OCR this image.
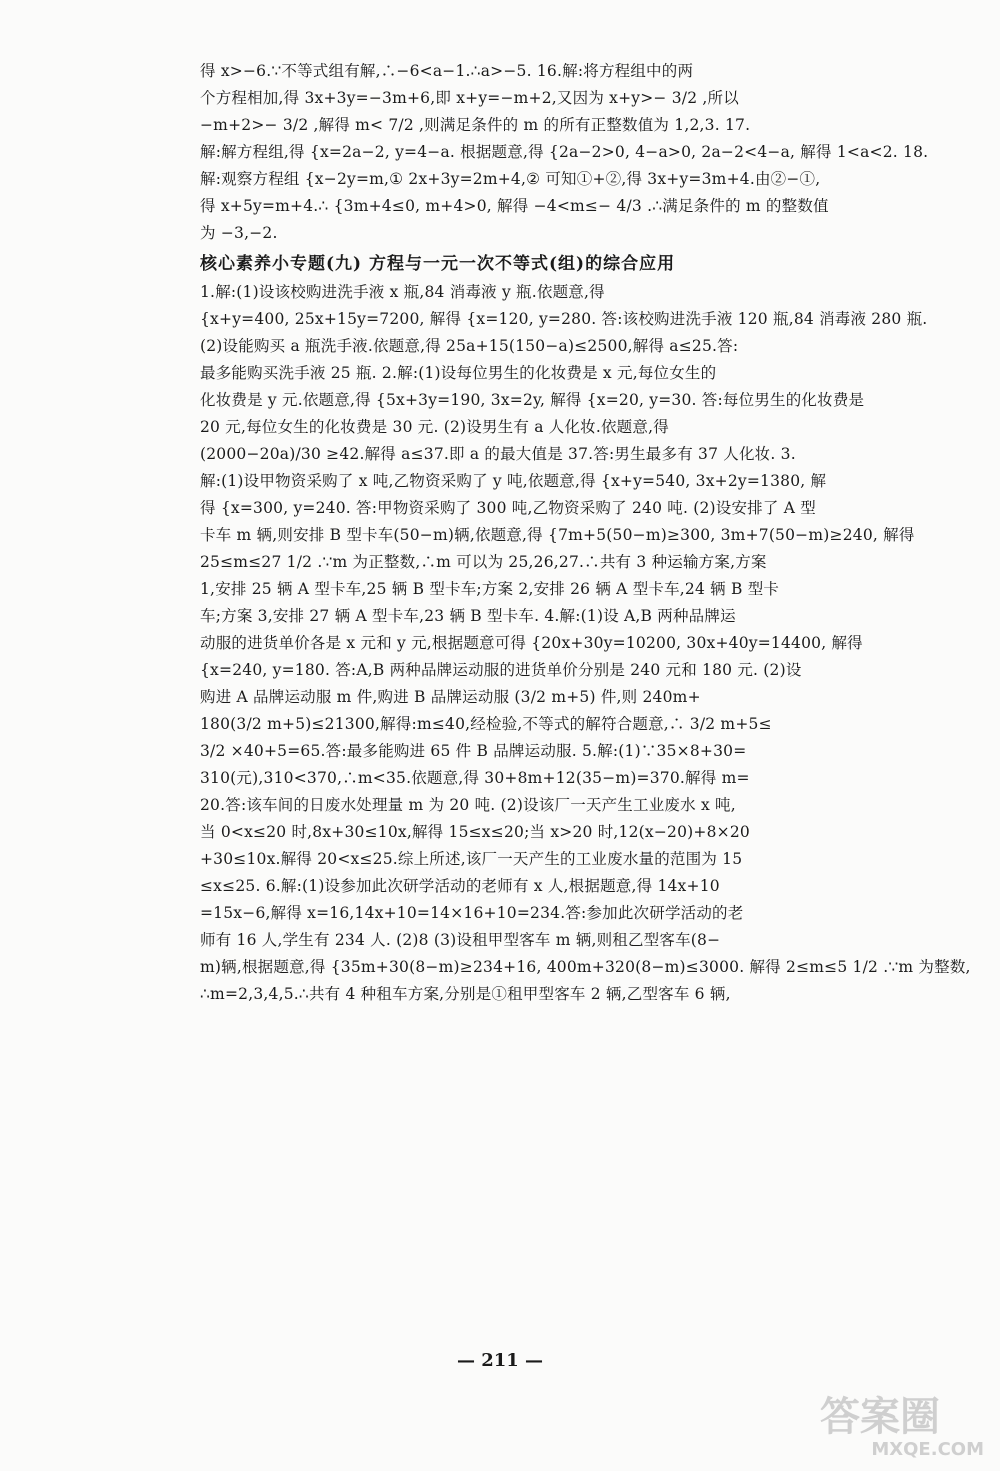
得 x>−6.∵不等式组有解,∴−6<a−1.∴a>−5. 16.解:将方程组中的两
个方程相加,得 3x+3y=−3m+6,即 x+y=−m+2,又因为 x+y>− 3/2 ,所以
−m+2>− 3/2 ,解得 m< 7/2 ,则满足条件的 m 的所有正整数值为 1,2,3. 17.
解:解方程组,得 {x=2a−2, y=4−a. 根据题意,得 {2a−2>0, 4−a>0, 2a−2<4−a, 解得 1<a<2. 18.
解:观察方程组 {x−2y=m,① 2x+3y=2m+4,② 可知①+②,得 3x+y=3m+4.由②−①,
得 x+5y=m+4.∴ {3m+4≤0, m+4>0, 解得 −4<m≤− 4/3 .∴满足条件的 m 的整数值
为 −3,−2.
核心素养小专题(九) 方程与一元一次不等式(组)的综合应用
1.解:(1)设该校购进洗手液 x 瓶,84 消毒液 y 瓶.依题意,得
{x+y=400, 25x+15y=7200, 解得 {x=120, y=280. 答:该校购进洗手液 120 瓶,84 消毒液 280 瓶.
(2)设能购买 a 瓶洗手液.依题意,得 25a+15(150−a)≤2500,解得 a≤25.答:
最多能购买洗手液 25 瓶. 2.解:(1)设每位男生的化妆费是 x 元,每位女生的
化妆费是 y 元.依题意,得 {5x+3y=190, 3x=2y, 解得 {x=20, y=30. 答:每位男生的化妆费是
20 元,每位女生的化妆费是 30 元. (2)设男生有 a 人化妆.依题意,得
(2000−20a)/30 ≥42.解得 a≤37.即 a 的最大值是 37.答:男生最多有 37 人化妆. 3.
解:(1)设甲物资采购了 x 吨,乙物资采购了 y 吨,依题意,得 {x+y=540, 3x+2y=1380, 解
得 {x=300, y=240. 答:甲物资采购了 300 吨,乙物资采购了 240 吨. (2)设安排了 A 型
卡车 m 辆,则安排 B 型卡车(50−m)辆,依题意,得 {7m+5(50−m)≥300, 3m+7(50−m)≥240, 解得
25≤m≤27 1/2 .∵m 为正整数,∴m 可以为 25,26,27.∴共有 3 种运输方案,方案
1,安排 25 辆 A 型卡车,25 辆 B 型卡车;方案 2,安排 26 辆 A 型卡车,24 辆 B 型卡
车;方案 3,安排 27 辆 A 型卡车,23 辆 B 型卡车. 4.解:(1)设 A,B 两种品牌运
动服的进货单价各是 x 元和 y 元,根据题意可得 {20x+30y=10200, 30x+40y=14400, 解得
{x=240, y=180. 答:A,B 两种品牌运动服的进货单价分别是 240 元和 180 元. (2)设
购进 A 品牌运动服 m 件,购进 B 品牌运动服 (3/2 m+5) 件,则 240m+
180(3/2 m+5)≤21300,解得:m≤40,经检验,不等式的解符合题意,∴ 3/2 m+5≤
3/2 ×40+5=65.答:最多能购进 65 件 B 品牌运动服. 5.解:(1)∵35×8+30=
310(元),310<370,∴m<35.依题意,得 30+8m+12(35−m)=370.解得 m=
20.答:该车间的日废水处理量 m 为 20 吨. (2)设该厂一天产生工业废水 x 吨,
当 0<x≤20 时,8x+30≤10x,解得 15≤x≤20;当 x>20 时,12(x−20)+8×20
+30≤10x.解得 20<x≤25.综上所述,该厂一天产生的工业废水量的范围为 15
≤x≤25. 6.解:(1)设参加此次研学活动的老师有 x 人,根据题意,得 14x+10
=15x−6,解得 x=16,14x+10=14×16+10=234.答:参加此次研学活动的老
师有 16 人,学生有 234 人. (2)8 (3)设租甲型客车 m 辆,则租乙型客车(8−
m)辆,根据题意,得 {35m+30(8−m)≥234+16, 400m+320(8−m)≤3000. 解得 2≤m≤5 1/2 .∵m 为整数,
∴m=2,3,4,5.∴共有 4 种租车方案,分别是①租甲型客车 2 辆,乙型客车 6 辆,
— 211 —
答案圈
MXQE.COM
